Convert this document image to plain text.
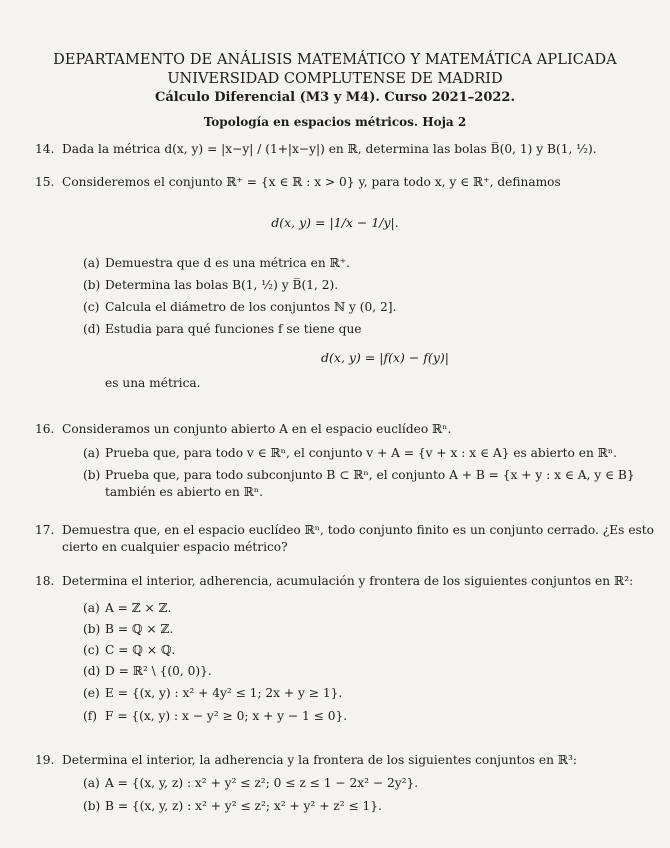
DEPARTAMENTO DE ANÁLISIS MATEMÁTICO Y MATEMÁTICA APLICADA
UNIVERSIDAD COMPLUTENSE DE MADRID
Cálculo Diferencial (M3 y M4). Curso 2021–2022.
Topología en espacios métricos. Hoja 2
14. Dada la métrica d(x, y) = |x−y| / (1+|x−y|) en ℝ, determina las bolas B̅(0, 1) y B(1, ½).
15. Consideremos el conjunto ℝ⁺ = {x ∈ ℝ : x > 0} y, para todo x, y ∈ ℝ⁺, definamos
d(x, y) = |1/x − 1/y|.
(a) Demuestra que d es una métrica en ℝ⁺.
(b) Determina las bolas B(1, ½) y B̅(1, 2).
(c) Calcula el diámetro de los conjuntos ℕ y (0, 2].
(d) Estudia para qué funciones f se tiene que
d(x, y) = |f(x) − f(y)|
es una métrica.
16. Consideramos un conjunto abierto A en el espacio euclídeo ℝⁿ.
(a) Prueba que, para todo v ∈ ℝⁿ, el conjunto v + A = {v + x : x ∈ A} es abierto en ℝⁿ.
(b) Prueba que, para todo subconjunto B ⊂ ℝⁿ, el conjunto A + B = {x + y : x ∈ A, y ∈ B}
también es abierto en ℝⁿ.
17. Demuestra que, en el espacio euclídeo ℝⁿ, todo conjunto finito es un conjunto cerrado. ¿Es esto
cierto en cualquier espacio métrico?
18. Determina el interior, adherencia, acumulación y frontera de los siguientes conjuntos en ℝ²:
(a) A = ℤ × ℤ.
(b) B = ℚ × ℤ.
(c) C = ℚ × ℚ.
(d) D = ℝ² \ {(0, 0)}.
(e) E = {(x, y) : x² + 4y² ≤ 1; 2x + y ≥ 1}.
(f) F = {(x, y) : x − y² ≥ 0; x + y − 1 ≤ 0}.
19. Determina el interior, la adherencia y la frontera de los siguientes conjuntos en ℝ³:
(a) A = {(x, y, z) : x² + y² ≤ z²; 0 ≤ z ≤ 1 − 2x² − 2y²}.
(b) B = {(x, y, z) : x² + y² ≤ z²; x² + y² + z² ≤ 1}.
